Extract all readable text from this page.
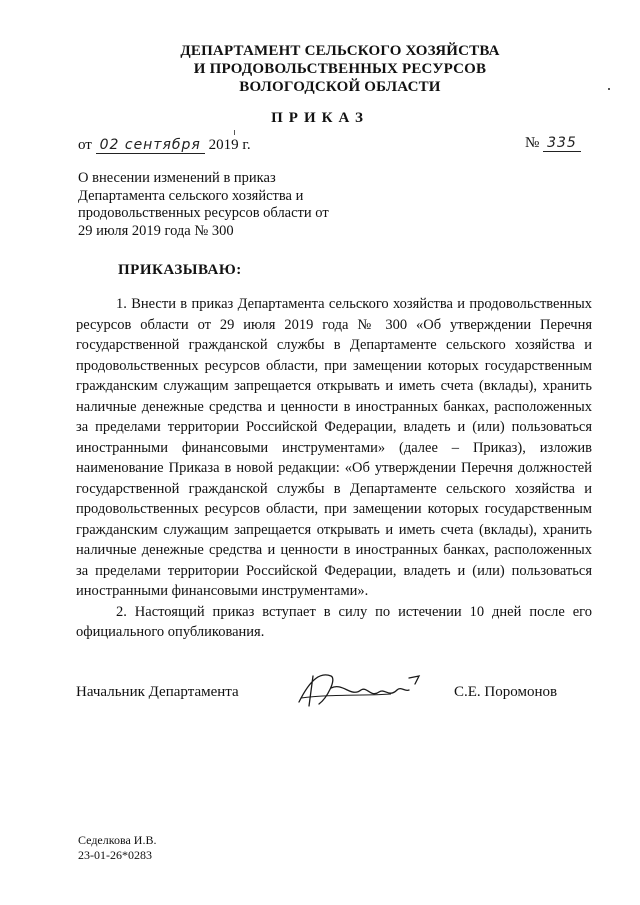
ДЕПАРТАМЕНТ СЕЛЬСКОГО ХОЗЯЙСТВА
И ПРОДОВОЛЬСТВЕННЫХ РЕСУРСОВ
ВОЛОГОДСКОЙ ОБЛАСТИ
ПРИКАЗ
от 02 сентября 2019 г.	№ 335
О внесении изменений в приказ
Департамента сельского хозяйства и
продовольственных ресурсов области от
29 июля 2019 года № 300
ПРИКАЗЫВАЮ:

1. Внести в приказ Департамента сельского хозяйства и продовольственных ресурсов области от 29 июля 2019 года № 300 «Об утверждении Перечня государственной гражданской службы в Департаменте сельского хозяйства и продовольственных ресурсов области, при замещении которых государственным гражданским служащим запрещается открывать и иметь счета (вклады), хранить наличные денежные средства и ценности в иностранных банках, расположенных за пределами территории Российской Федерации, владеть и (или) пользоваться иностранными финансовыми инструментами» (далее – Приказ), изложив наименование Приказа в новой редакции: «Об утверждении Перечня должностей государственной гражданской службы в Департаменте сельского хозяйства и продовольственных ресурсов области, при замещении которых государственным гражданским служащим запрещается открывать и иметь счета (вклады), хранить наличные денежные средства и ценности в иностранных банках, расположенных за пределами территории Российской Федерации, владеть и (или) пользоваться иностранными финансовыми инструментами».

2. Настоящий приказ вступает в силу по истечении 10 дней после его официального опубликования.

Начальник Департамента	С.Е. Поромонов
Седелкова И.В.
23-01-26*0283
